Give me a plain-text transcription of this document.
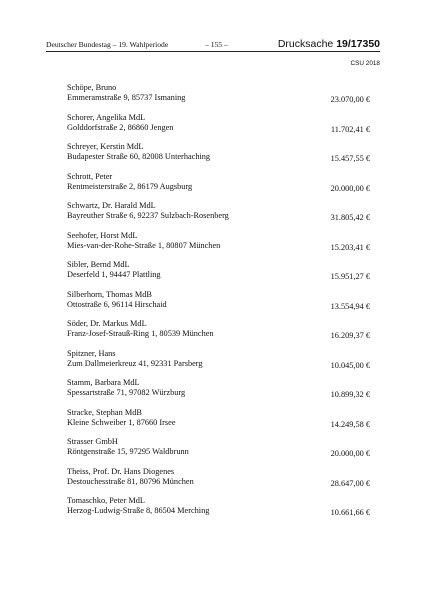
Deutscher Bundestag – 19. Wahlperiode	– 155 –	Drucksache 19/17350
CSU 2018
Schöpe, Bruno
Emmeramstraße 9, 85737 Ismaning	23.070,00 €
Schorer, Angelika MdL
Golddorfstraße 2, 86860 Jengen	11.702,41 €
Schreyer, Kerstin MdL
Budapester Straße 60, 82008 Unterhaching	15.457,55 €
Schrott, Peter
Rentmeisterstraße 2, 86179 Augsburg	20.000,00 €
Schwartz, Dr. Harald MdL
Bayreuther Straße 6, 92237 Sulzbach-Rosenberg	31.805,42 €
Seehofer, Horst MdL
Mies-van-der-Rohe-Straße 1, 80807 München	15.203,41 €
Sibler, Bernd MdL
Deserfeld 1, 94447 Plattling	15.951,27 €
Silberhorn, Thomas MdB
Ottostraße 6, 96114 Hirschaid	13.554,94 €
Söder, Dr. Markus MdL
Franz-Josef-Strauß-Ring 1, 80539 München	16.209,37 €
Spitzner, Hans
Zum Dallmeierkreuz 41, 92331 Parsberg	10.045,00 €
Stamm, Barbara MdL
Spessartstraße 71, 97082 Würzburg	10.899,32 €
Stracke, Stephan MdB
Kleine Schweiber 1, 87660 Irsee	14.249,58 €
Strasser GmbH
Röntgenstraße 15, 97295 Waldbrunn	20.000,00 €
Theiss, Prof. Dr. Hans Diogenes
Destouchesstraße 81, 80796 München	28.647,00 €
Tomaschko, Peter MdL
Herzog-Ludwig-Straße 8, 86504 Merching	10.661,66 €
